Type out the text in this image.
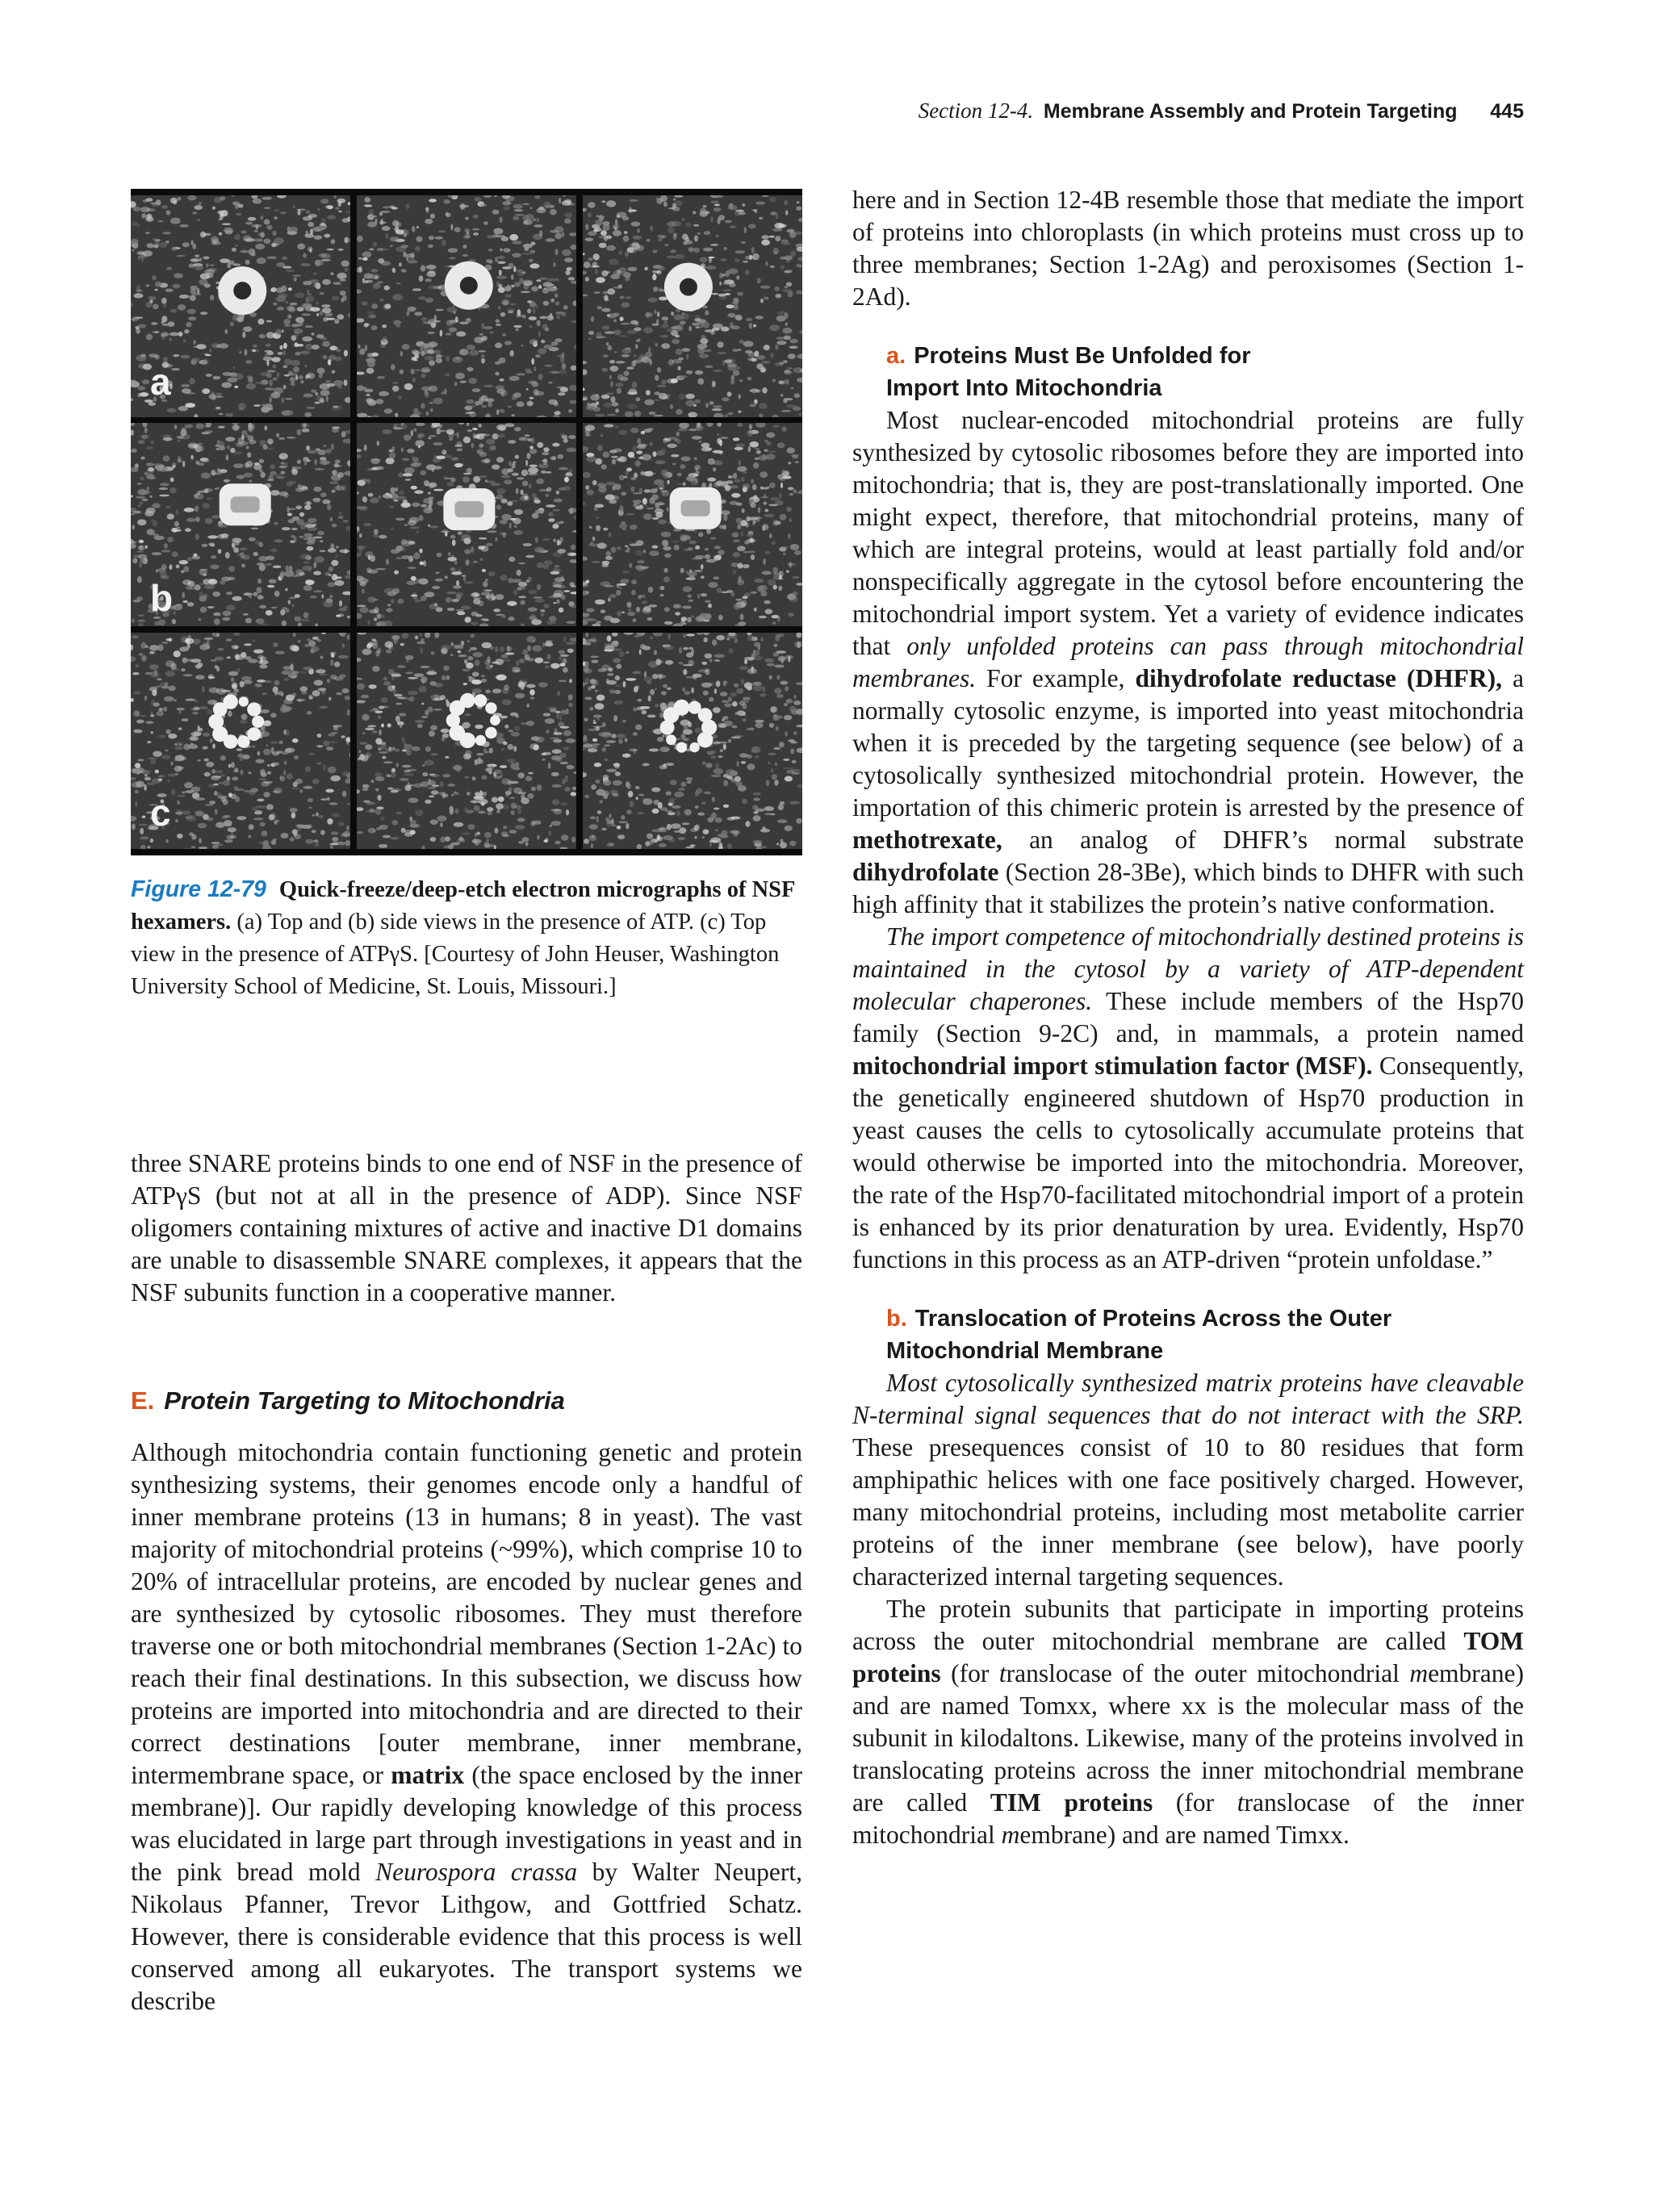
Section 12-4. Membrane Assembly and Protein Targeting 445
a
b
c
Figure 12-79 Quick-freeze/deep-etch electron micrographs of NSF hexamers. (a) Top and (b) side views in the presence of ATP. (c) Top view in the presence of ATPγS. [Courtesy of John Heuser, Washington University School of Medicine, St. Louis, Missouri.]

three SNARE proteins binds to one end of NSF in the presence of ATPγS (but not at all in the presence of ADP). Since NSF oligomers containing mixtures of active and inactive D1 domains are unable to disassemble SNARE complexes, it appears that the NSF subunits function in a cooperative manner.

E. Protein Targeting to Mitochondria

Although mitochondria contain functioning genetic and protein synthesizing systems, their genomes encode only a handful of inner membrane proteins (13 in humans; 8 in yeast). The vast majority of mitochondrial proteins (~99%), which comprise 10 to 20% of intracellular proteins, are encoded by nuclear genes and are synthesized by cytosolic ribosomes. They must therefore traverse one or both mitochondrial membranes (Section 1-2Ac) to reach their final destinations. In this subsection, we discuss how proteins are imported into mitochondria and are directed to their correct destinations [outer membrane, inner membrane, intermembrane space, or matrix (the space enclosed by the inner membrane)]. Our rapidly developing knowledge of this process was elucidated in large part through investigations in yeast and in the pink bread mold Neurospora crassa by Walter Neupert, Nikolaus Pfanner, Trevor Lithgow, and Gottfried Schatz. However, there is considerable evidence that this process is well conserved among all eukaryotes. The transport systems we describe

here and in Section 12-4B resemble those that mediate the import of proteins into chloroplasts (in which proteins must cross up to three membranes; Section 1-2Ag) and peroxisomes (Section 1-2Ad).

a. Proteins Must Be Unfolded for
Import Into Mitochondria

Most nuclear-encoded mitochondrial proteins are fully synthesized by cytosolic ribosomes before they are imported into mitochondria; that is, they are post-translationally imported. One might expect, therefore, that mitochondrial proteins, many of which are integral proteins, would at least partially fold and/or nonspecifically aggregate in the cytosol before encountering the mitochondrial import system. Yet a variety of evidence indicates that only unfolded proteins can pass through mitochondrial membranes. For example, dihydrofolate reductase (DHFR), a normally cytosolic enzyme, is imported into yeast mitochondria when it is preceded by the targeting sequence (see below) of a cytosolically synthesized mitochondrial protein. However, the importation of this chimeric protein is arrested by the presence of methotrexate, an analog of DHFR’s normal substrate dihydrofolate (Section 28-3Be), which binds to DHFR with such high affinity that it stabilizes the protein’s native conformation.

The import competence of mitochondrially destined proteins is maintained in the cytosol by a variety of ATP-dependent molecular chaperones. These include members of the Hsp70 family (Section 9-2C) and, in mammals, a protein named mitochondrial import stimulation factor (MSF). Consequently, the genetically engineered shutdown of Hsp70 production in yeast causes the cells to cytosolically accumulate proteins that would otherwise be imported into the mitochondria. Moreover, the rate of the Hsp70-facilitated mitochondrial import of a protein is enhanced by its prior denaturation by urea. Evidently, Hsp70 functions in this process as an ATP-driven “protein unfoldase.”

b. Translocation of Proteins Across the Outer
Mitochondrial Membrane

Most cytosolically synthesized matrix proteins have cleavable N-terminal signal sequences that do not interact with the SRP. These presequences consist of 10 to 80 residues that form amphipathic helices with one face positively charged. However, many mitochondrial proteins, including most metabolite carrier proteins of the inner membrane (see below), have poorly characterized internal targeting sequences.

The protein subunits that participate in importing proteins across the outer mitochondrial membrane are called TOM proteins (for translocase of the outer mitochondrial membrane) and are named Tomxx, where xx is the molecular mass of the subunit in kilodaltons. Likewise, many of the proteins involved in translocating proteins across the inner mitochondrial membrane are called TIM proteins (for translocase of the inner mitochondrial membrane) and are named Timxx.
